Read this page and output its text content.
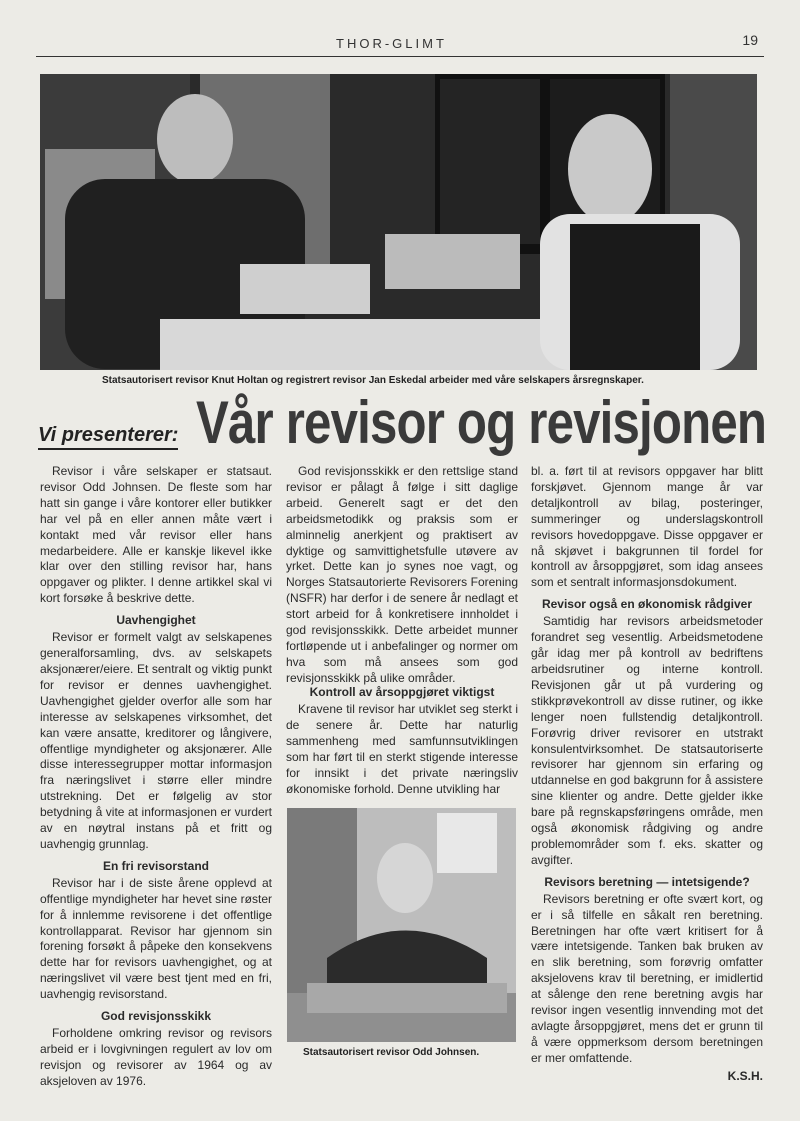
THOR-GLIMT	19
Statsautorisert revisor Knut Holtan og registrert revisor Jan Eskedal arbeider med våre selskapers årsregnskaper.
Vi presenterer: Vår revisor og revisjonen

Revisor i våre selskaper er statsaut. revisor Odd Johnsen. De fleste som har hatt sin gange i våre kontorer eller butikker har vel på en eller annen måte vært i kontakt med vår revisor eller hans medarbeidere. Alle er kanskje likevel ikke klar over den stilling revisor har, hans oppgaver og plikter. I denne artikkel skal vi kort forsøke å beskrive dette.

Uavhengighet

Revisor er formelt valgt av selskapenes generalforsamling, dvs. av selskapets aksjonærer/eiere. Et sentralt og viktig punkt for revisor er dennes uavhengighet. Uavhengighet gjelder overfor alle som har interesse av selskapenes virksomhet, det kan være ansatte, kreditorer og långivere, offentlige myndigheter og aksjonærer. Alle disse interessegrupper mottar informasjon fra næringslivet i større eller mindre utstrekning. Det er følgelig av stor betydning å vite at informasjonen er vurdert av en nøytral instans på et fritt og uavhengig grunnlag.

En fri revisorstand

Revisor har i de siste årene opplevd at offentlige myndigheter har hevet sine røster for å innlemme revisorene i det offentlige kontrollapparat. Revisor har gjennom sin forening forsøkt å påpeke den konsekvens dette har for revisors uavhengighet, og at næringslivet vil være best tjent med en fri, uavhengig revisorstand.

God revisjonsskikk

Forholdene omkring revisor og revisors arbeid er i lovgivningen regulert av lov om revisjon og revisorer av 1964 og av aksjeloven av 1976.

God revisjonsskikk er den rettslige stand revisor er pålagt å følge i sitt daglige arbeid. Generelt sagt er det den arbeidsmetodikk og praksis som er alminnelig anerkjent og praktisert av dyktige og samvittighetsfulle utøvere av yrket. Dette kan jo synes noe vagt, og Norges Statsautorierte Revisorers Forening (NSFR) har derfor i de senere år nedlagt et stort arbeid for å konkretisere innholdet i god revisjonsskikk. Dette arbeidet munner fortløpende ut i anbefalinger og normer om hva som må ansees som god revisjonsskikk på ulike områder.

Kontroll av årsoppgjøret viktigst

Kravene til revisor har utviklet seg sterkt i de senere år. Dette har naturlig sammenheng med samfunnsutviklingen som har ført til en sterkt stigende interesse for innsikt i det private næringsliv økonomiske forhold. Denne utvikling har

Statsautorisert revisor Odd Johnsen.

bl. a. ført til at revisors oppgaver har blitt forskjøvet. Gjennom mange år var detaljkontroll av bilag, posteringer, summeringer og underslagskontroll revisors hovedoppgave. Disse oppgaver er nå skjøvet i bakgrunnen til fordel for kontroll av årsoppgjøret, som idag ansees som et sentralt informasjonsdokument.

Revisor også en økonomisk rådgiver

Samtidig har revisors arbeidsmetoder forandret seg vesentlig. Arbeidsmetodene går idag mer på kontroll av bedriftens arbeidsrutiner og interne kontroll. Revisjonen går ut på vurdering og stikkprøvekontroll av disse rutiner, og ikke lenger noen fullstendig detaljkontroll. Forøvrig driver revisorer en utstrakt konsulentvirksomhet. De statsautoriserte revisorer har gjennom sin erfaring og utdannelse en god bakgrunn for å assistere sine klienter og andre. Dette gjelder ikke bare på regnskapsføringens område, men også økonomisk rådgiving og andre problemområder som f. eks. skatter og avgifter.

Revisors beretning — intetsigende?

Revisors beretning er ofte svært kort, og er i så tilfelle en såkalt ren beretning. Beretningen har ofte vært kritisert for å være intetsigende. Tanken bak bruken av en slik beretning, som forøvrig omfatter aksjelovens krav til beretning, er imidlertid at sålenge den rene beretning avgis har revisor ingen vesentlig innvending mot det avlagte årsoppgjøret, mens det er grunn til å være oppmerksom dersom beretningen er mer omfattende.

K.S.H.
